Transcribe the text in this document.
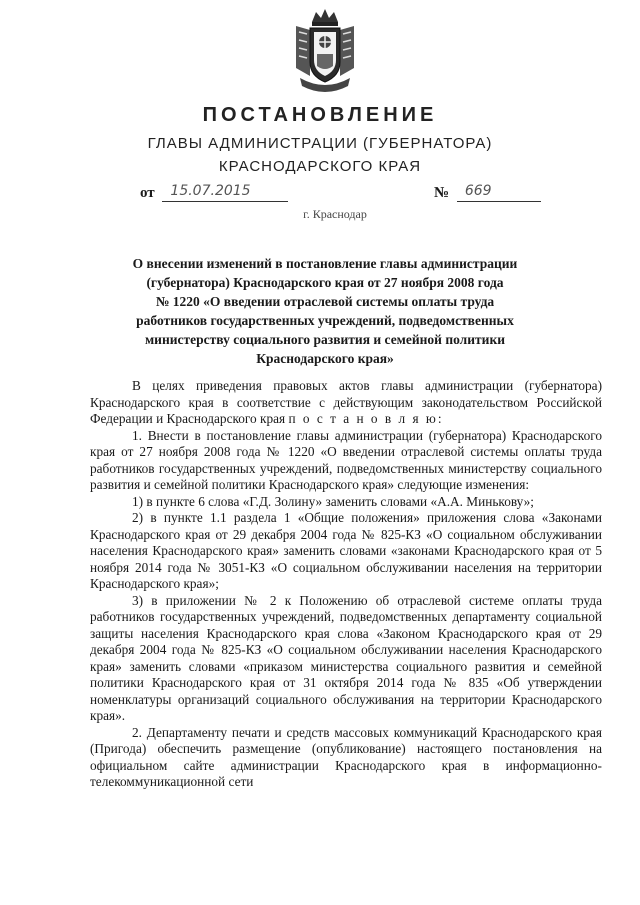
ПОСТАНОВЛЕНИЕ
ГЛАВЫ АДМИНИСТРАЦИИ (ГУБЕРНАТОРА)
КРАСНОДАРСКОГО КРАЯ
от 15.07.2015	№ 669
г. Краснодар
О внесении изменений в постановление главы администрации
(губернатора) Краснодарского края от 27 ноября 2008 года
№ 1220 «О введении отраслевой системы оплаты труда
работников государственных учреждений, подведомственных
министерству социального развития и семейной политики
Краснодарского края»

В целях приведения правовых актов главы администрации (губернатора) Краснодарского края в соответствие с действующим законодательством Российской Федерации и Краснодарского края п о с т а н о в л я ю:

1. Внести в постановление главы администрации (губернатора) Краснодарского края от 27 ноября 2008 года № 1220 «О введении отраслевой системы оплаты труда работников государственных учреждений, подведомственных министерству социального развития и семейной политики Краснодарского края» следующие изменения:

1) в пункте 6 слова «Г.Д. Золину» заменить словами «А.А. Минькову»;

2) в пункте 1.1 раздела 1 «Общие положения» приложения слова «Законами Краснодарского края от 29 декабря 2004 года № 825-КЗ «О социальном обслуживании населения Краснодарского края» заменить словами «законами Краснодарского края от 5 ноября 2014 года № 3051-КЗ «О социальном обслуживании населения на территории Краснодарского края»;

3) в приложении № 2 к Положению об отраслевой системе оплаты труда работников государственных учреждений, подведомственных департаменту социальной защиты населения Краснодарского края слова «Законом Краснодарского края от 29 декабря 2004 года № 825-КЗ «О социальном обслуживании населения Краснодарского края» заменить словами «приказом министерства социального развития и семейной политики Краснодарского края от 31 октября 2014 года № 835 «Об утверждении номенклатуры организаций социального обслуживания на территории Краснодарского края».

2. Департаменту печати и средств массовых коммуникаций Краснодарского края (Пригода) обеспечить размещение (опубликование) настоящего постановления на официальном сайте администрации Краснодарского края в информационно-телекоммуникационной сети
